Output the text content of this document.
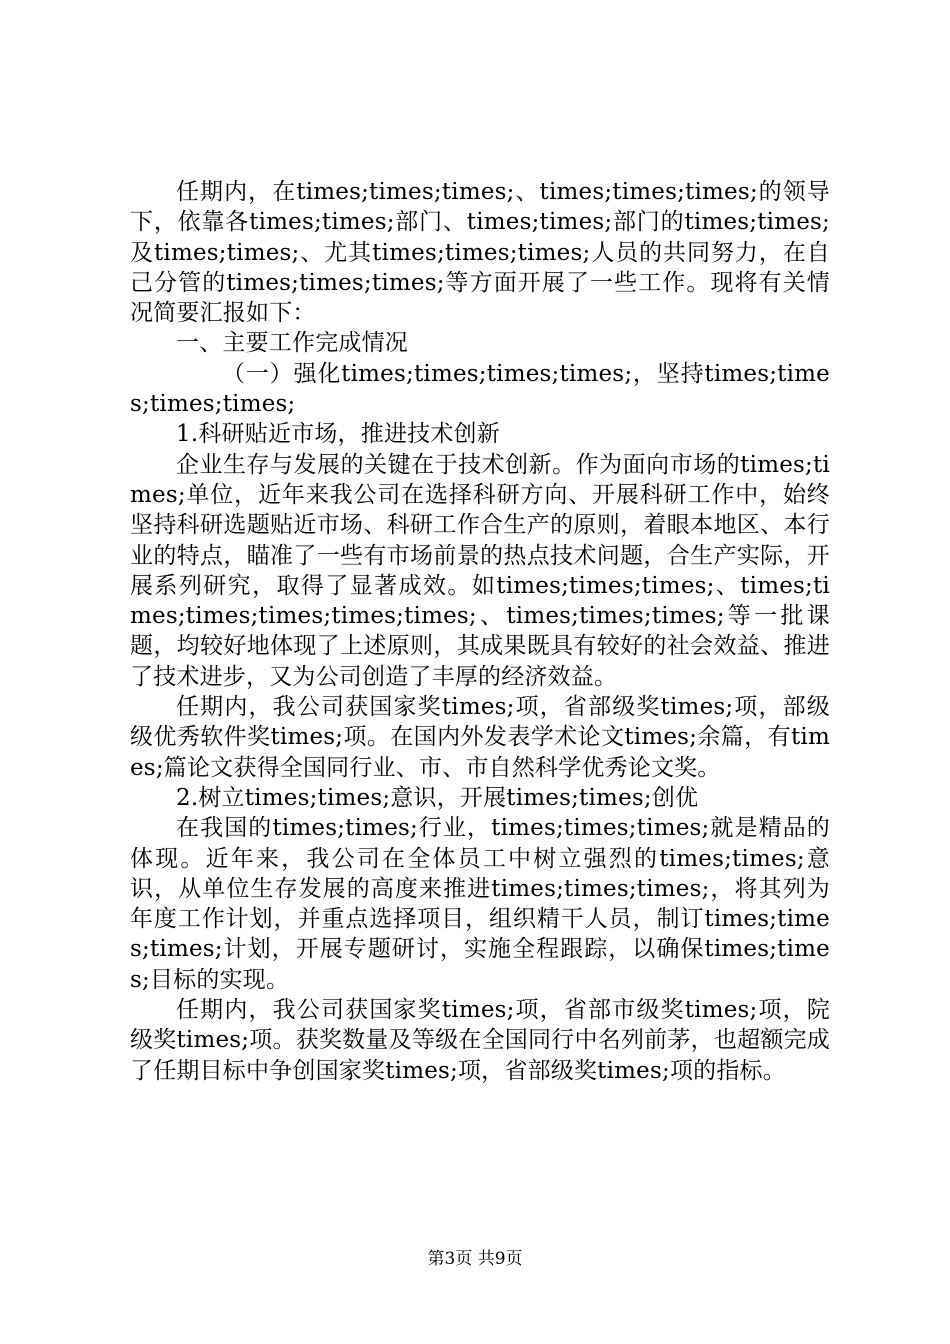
任期内，在times;times;times;、times;times;times;的领导下，依靠各times;times;部门、times;times;部门的times;times;及times;times;、尤其times;times;times;人员的共同努力，在自己分管的times;times;times;等方面开展了一些工作。现将有关情况简要汇报如下：

一、主要工作完成情况

（一）强化times;times;times;times;，坚持times;times;times;times;

1.科研贴近市场，推进技术创新

企业生存与发展的关键在于技术创新。作为面向市场的times;times;单位，近年来我公司在选择科研方向、开展科研工作中，始终坚持科研选题贴近市场、科研工作合生产的原则，着眼本地区、本行业的特点，瞄准了一些有市场前景的热点技术问题，合生产实际，开展系列研究，取得了显著成效。如times;times;times;、times;times;times;times;times;times;、times;times;times;等一批课题，均较好地体现了上述原则，其成果既具有较好的社会效益、推进了技术进步，又为公司创造了丰厚的经济效益。

任期内，我公司获国家奖times;项，省部级奖times;项，部级级优秀软件奖times;项。在国内外发表学术论文times;余篇，有times;篇论文获得全国同行业、市、市自然科学优秀论文奖。

2.树立times;times;意识，开展times;times;创优

在我国的times;times;行业，times;times;times;就是精品的体现。近年来，我公司在全体员工中树立强烈的times;times;意识，从单位生存发展的高度来推进times;times;times;，将其列为年度工作计划，并重点选择项目，组织精干人员，制订times;times;times;计划，开展专题研讨，实施全程跟踪，以确保times;times;目标的实现。

任期内，我公司获国家奖times;项，省部市级奖times;项，院级奖times;项。获奖数量及等级在全国同行中名列前茅，也超额完成了任期目标中争创国家奖times;项，省部级奖times;项的指标。

第3页 共9页
